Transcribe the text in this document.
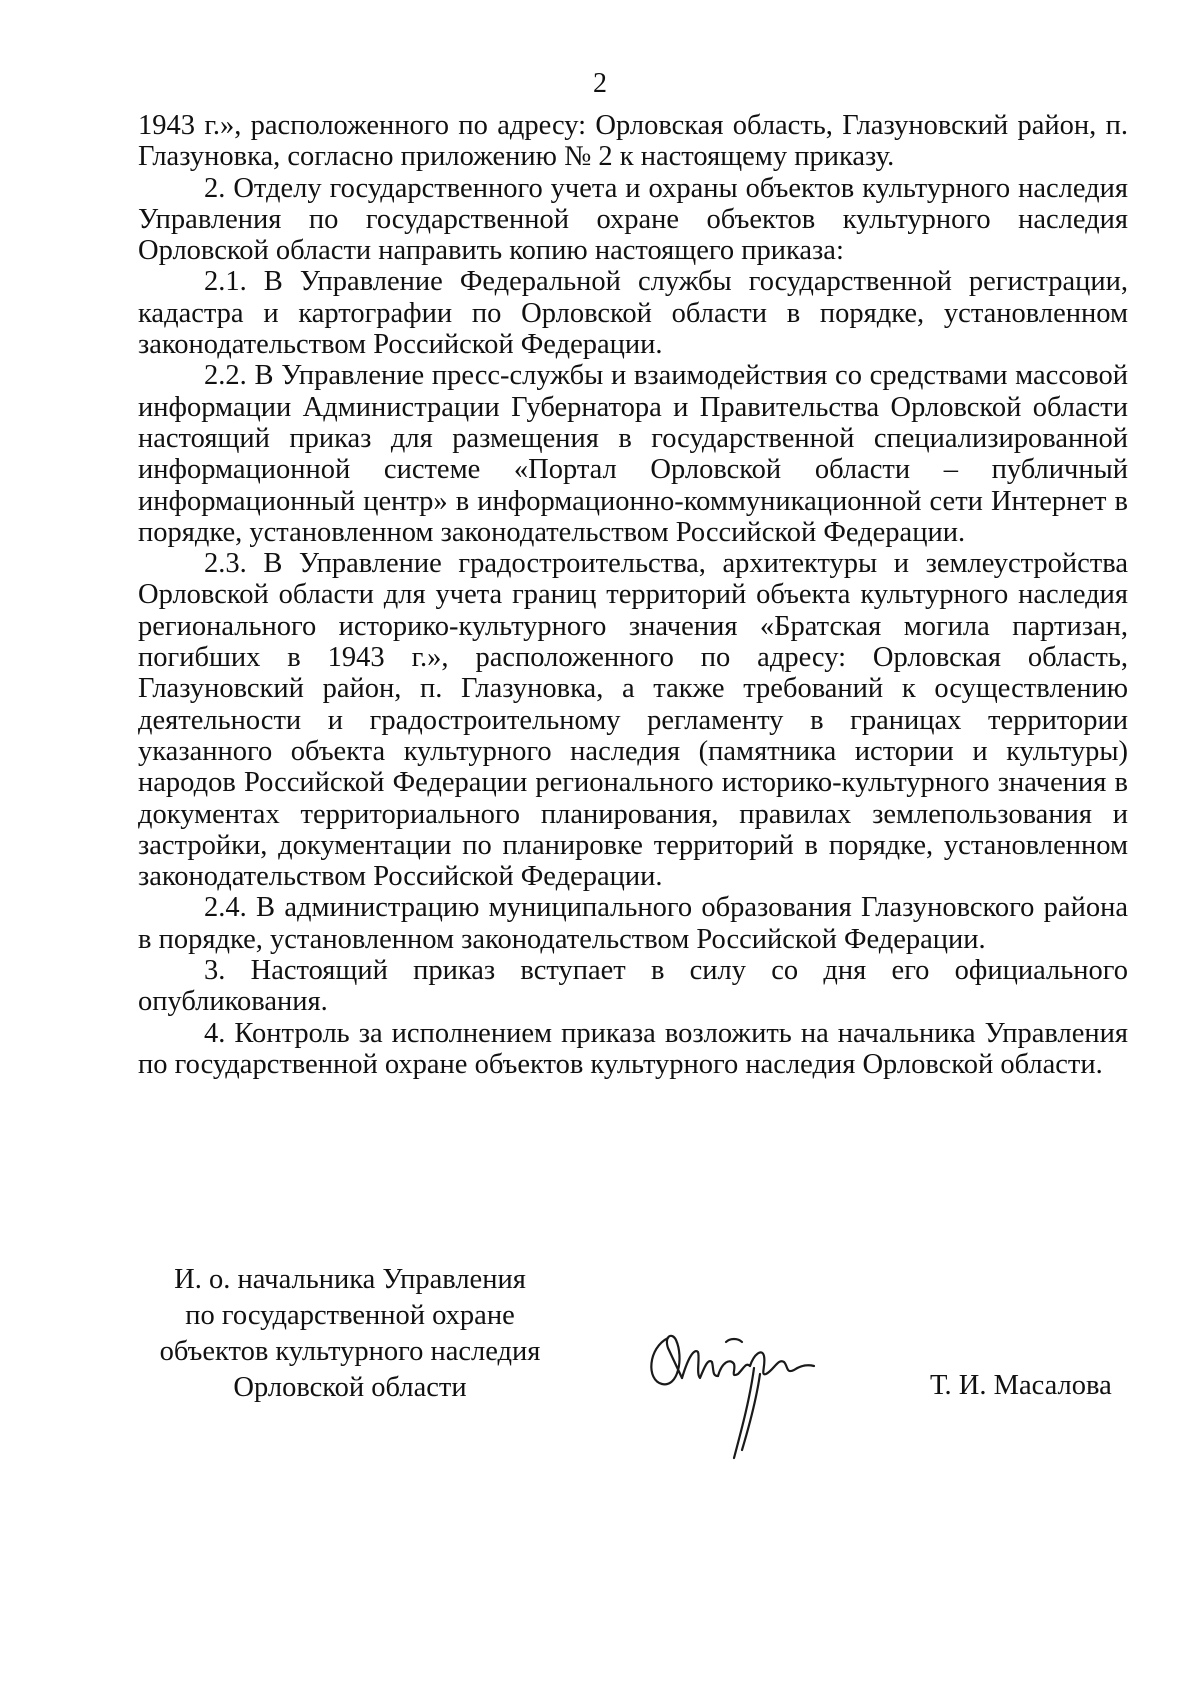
2

1943 г.», расположенного по адресу: Орловская область, Глазуновский район, п. Глазуновка, согласно приложению № 2 к настоящему приказу.

2. Отделу государственного учета и охраны объектов культурного наследия Управления по государственной охране объектов культурного наследия Орловской области направить копию настоящего приказа:

2.1. В Управление Федеральной службы государственной регистрации, кадастра и картографии по Орловской области в порядке, установленном законодательством Российской Федерации.

2.2. В Управление пресс-службы и взаимодействия со средствами массовой информации Администрации Губернатора и Правительства Орловской области настоящий приказ для размещения в государственной специализированной информационной системе «Портал Орловской области – публичный информационный центр» в информационно-коммуникационной сети Интернет в порядке, установленном законодательством Российской Федерации.

2.3. В Управление градостроительства, архитектуры и землеустройства Орловской области для учета границ территорий объекта культурного наследия регионального историко-культурного значения «Братская могила партизан, погибших в 1943 г.», расположенного по адресу: Орловская область, Глазуновский район, п. Глазуновка, а также требований к осуществлению деятельности и градостроительному регламенту в границах территории указанного объекта культурного наследия (памятника истории и культуры) народов Российской Федерации регионального историко-культурного значения в документах территориального планирования, правилах землепользования и застройки, документации по планировке территорий в порядке, установленном законодательством Российской Федерации.

2.4. В администрацию муниципального образования Глазуновского района в порядке, установленном законодательством Российской Федерации.

3. Настоящий приказ вступает в силу со дня его официального опубликования.

4. Контроль за исполнением приказа возложить на начальника Управления по государственной охране объектов культурного наследия Орловской области.

И. о. начальника Управления
по государственной охране
объектов культурного наследия
Орловской области	Т. И. Масалова
